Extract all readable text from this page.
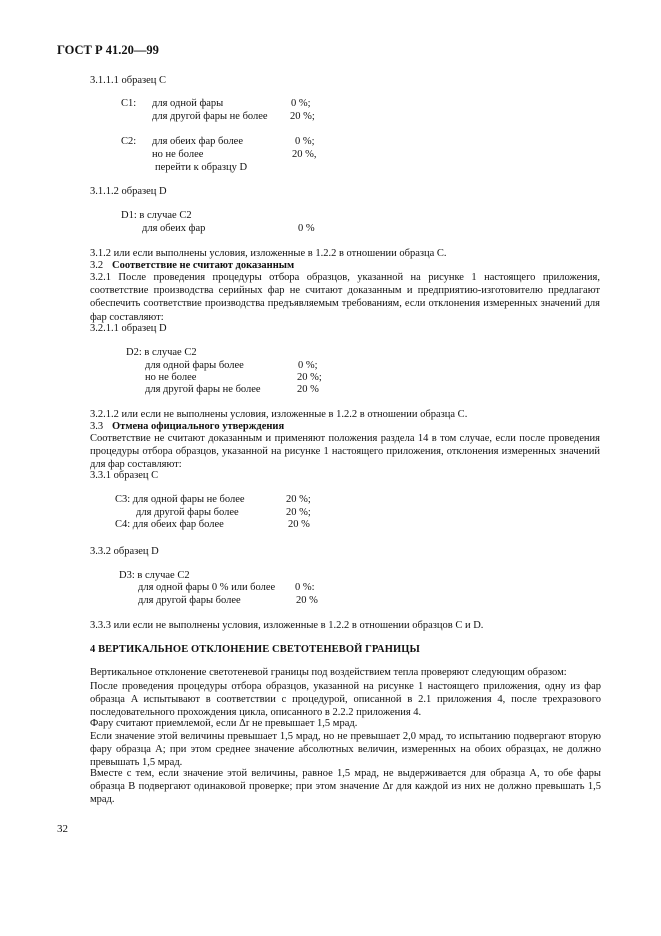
ГОСТ Р 41.20—99
3.1.1.1 образец C
C1: для одной фары	0 %;
для другой фары не более 20 %;
C2: для обеих фар более	0 %;
но не более	20 %,
перейти к образцу D
3.1.1.2 образец D
D1: в случае C2
для обеих фар	0 %
3.1.2 или если выполнены условия, изложенные в 1.2.2 в отношении образца C.
3.2 Соответствие не считают доказанным
3.2.1 После проведения процедуры отбора образцов, указанной на рисунке 1 настоящего приложения, соответствие производства серийных фар не считают доказанным и предприятию-изготовителю предлагают обеспечить соответствие производства предъявляемым требованиям, если отклонения измеренных значений для фар составляют:
3.2.1.1 образец D
D2: в случае C2
для одной фары более	0 %;
но не более	20 %;
для другой фары не более	20 %
3.2.1.2 или если не выполнены условия, изложенные в 1.2.2 в отношении образца C.
3.3 Отмена официального утверждения
Соответствие не считают доказанным и применяют положения раздела 14 в том случае, если после проведения процедуры отбора образцов, указанной на рисунке 1 настоящего приложения, отклонения измеренных значений для фар составляют:
3.3.1 образец C
C3: для одной фары не более	20 %;
для другой фары более	20 %;
C4: для обеих фар более	20 %
3.3.2 образец D
D3: в случае C2
для одной фары 0 % или более 0 %:
для другой фары более	20 %
3.3.3 или если не выполнены условия, изложенные в 1.2.2 в отношении образцов C и D.
4 ВЕРТИКАЛЬНОЕ ОТКЛОНЕНИЕ СВЕТОТЕНЕВОЙ ГРАНИЦЫ
Вертикальное отклонение светотеневой границы под воздействием тепла проверяют следующим образом:
После проведения процедуры отбора образцов, указанной на рисунке 1 настоящего приложения, одну из фар образца A испытывают в соответствии с процедурой, описанной в 2.1 приложения 4, после трехразового последовательного прохождения цикла, описанного в 2.2.2 приложения 4.
Фару считают приемлемой, если Δr не превышает 1,5 мрад.
Если значение этой величины превышает 1,5 мрад, но не превышает 2,0 мрад, то испытанию подвергают вторую фару образца A; при этом среднее значение абсолютных величин, измеренных на обоих образцах, не должно превышать 1,5 мрад.
Вместе с тем, если значение этой величины, равное 1,5 мрад, не выдерживается для образца A, то обе фары образца B подвергают одинаковой проверке; при этом значение Δr для каждой из них не должно превышать 1,5 мрад.
32
